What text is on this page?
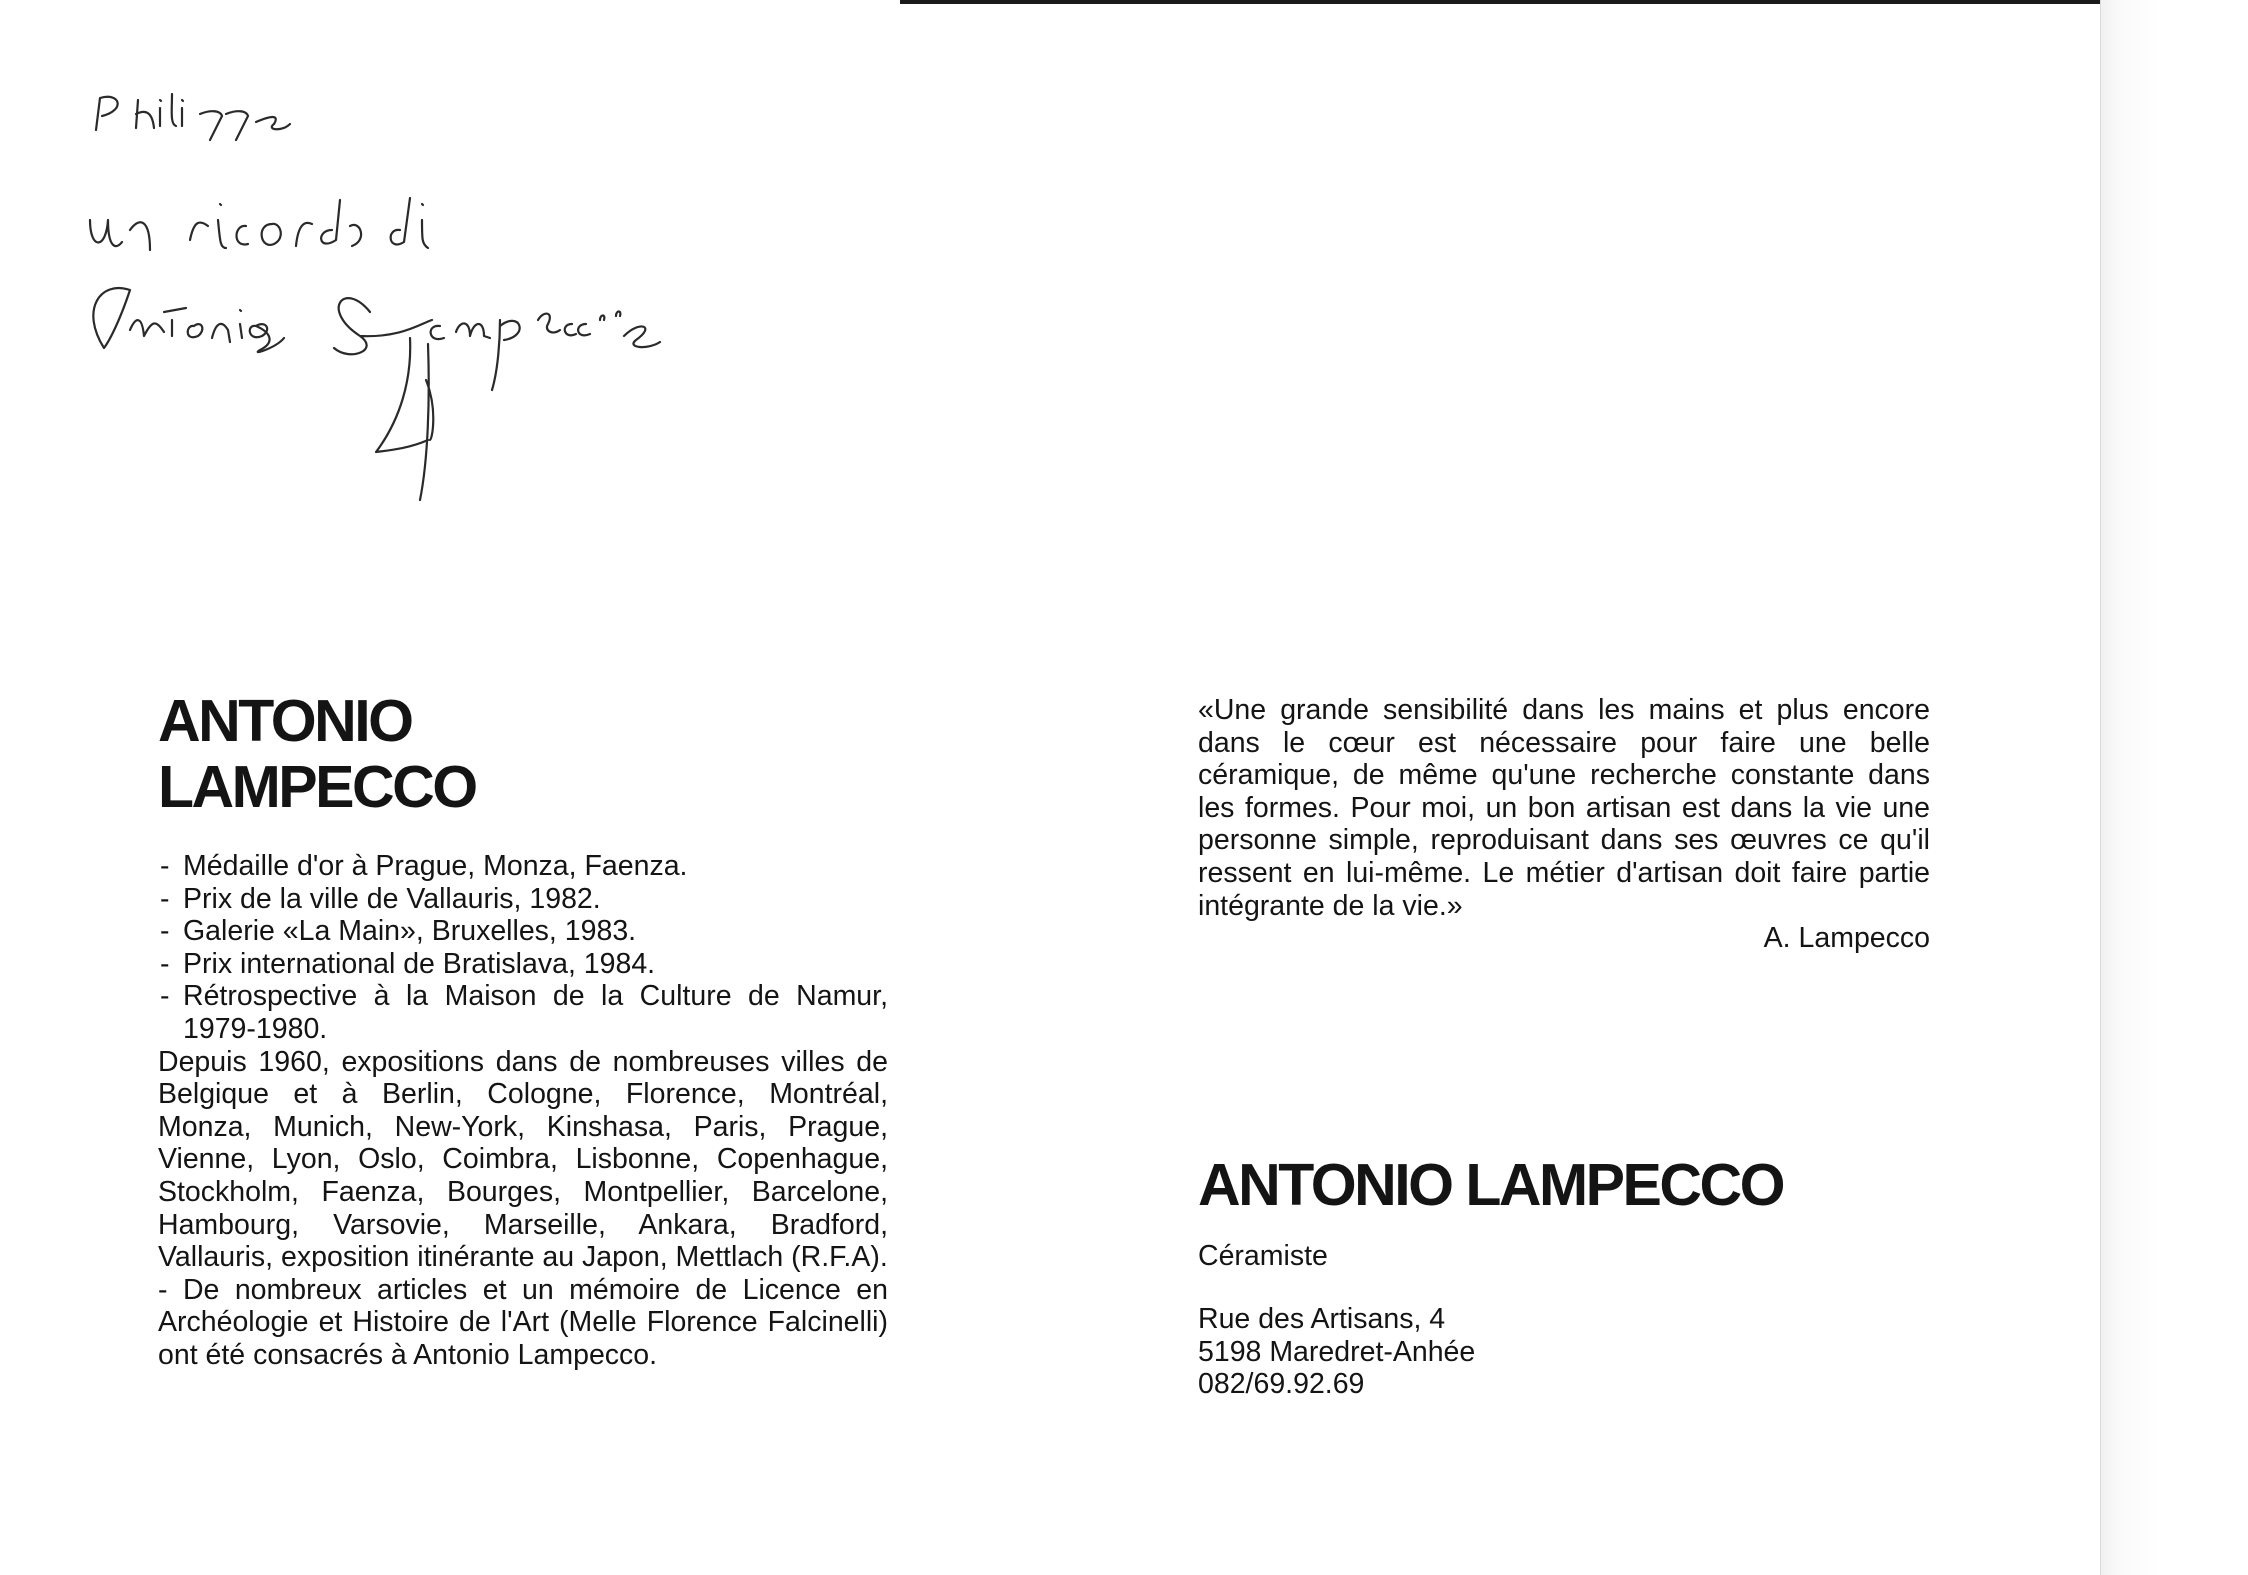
ANTONIO
LAMPECCO
- Médaille d'or à Prague, Monza, Faenza.
- Prix de la ville de Vallauris, 1982.
- Galerie «La Main», Bruxelles, 1983.
- Prix international de Bratislava, 1984.
- Rétrospective à la Maison de la Culture de Namur, 1979-1980.

Depuis 1960, expositions dans de nombreuses villes de Belgique et à Berlin, Cologne, Florence, Montréal, Monza, Munich, New-York, Kinshasa, Paris, Prague, Vienne, Lyon, Oslo, Coimbra, Lisbonne, Copenhague, Stockholm, Faenza, Bourges, Montpellier, Barcelone, Hambourg, Varsovie, Marseille, Ankara, Bradford, Vallauris, exposition itinérante au Japon, Mettlach (R.F.A).

- De nombreux articles et un mémoire de Licence en Archéologie et Histoire de l'Art (Melle Florence Falcinelli) ont été consacrés à Antonio Lampecco.

«Une grande sensibilité dans les mains et plus encore dans le cœur est nécessaire pour faire une belle céramique, de même qu'une recherche constante dans les formes. Pour moi, un bon artisan est dans la vie une personne simple, reproduisant dans ses œuvres ce qu'il ressent en lui-même. Le métier d'artisan doit faire partie intégrante de la vie.»

A. Lampecco

ANTONIO LAMPECCO

Céramiste

Rue des Artisans, 4
5198 Maredret-Anhée
082/69.92.69
